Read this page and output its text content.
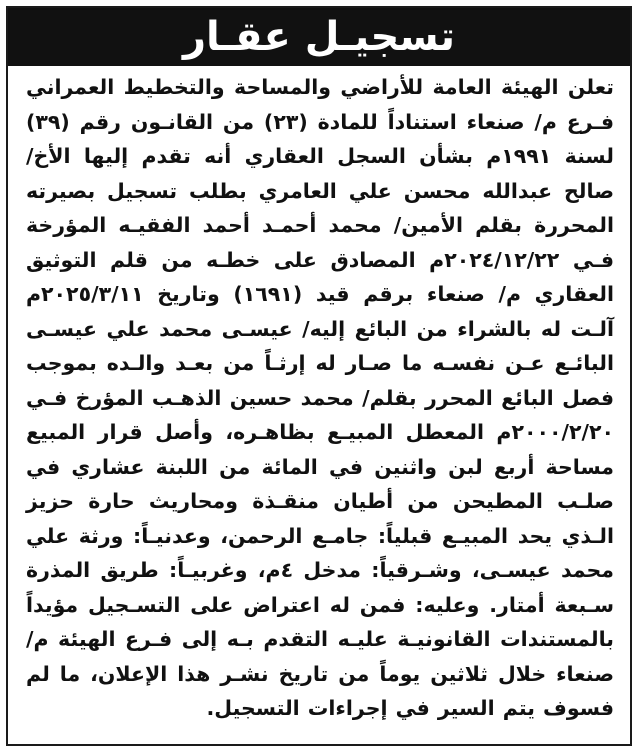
تسجيـل عقـار

تعلن الهيئة العامة للأراضي والمساحة والتخطيط العمراني فـرع م/ صنعاء استناداً للمادة (٢٣) من القانـون رقم (٣٩) لسنة ١٩٩١م بشأن السجل العقاري أنه تقدم إليها الأخ/ صالح عبدالله محسن علي العامري بطلب تسجيل بصيرته المحررة بقلم الأمين/ محمد أحمـد أحمد الفقيـه المؤرخة فـي ٢٠٢٤/١٢/٢٢م المصادق على خطـه من قلم التوثيق العقاري م/ صنعاء برقم قيد (١٦٩١) وتاريخ ٢٠٢٥/٣/١١م آلـت له بالشراء من البائع إليه/ عيسـى محمد علي عيسـى البائـع عـن نفسـه ما صـار له إرثـاً من بعـد والـده بموجب فصل البائع المحرر بقلم/ محمد حسين الذهـب المؤرخ فـي ٢٠٠٠/٢/٢٠م المعطل المبيـع بظاهـره، وأصل قرار المبيع مساحة أربع لبن واثنين في المائة من اللبنة عشاري في صلـب المطيحن من أطيان منقـذة ومحاريث حارة حزيز الـذي يحد المبيـع قبلياً: جامـع الرحمن، وعدنيـاً: ورثة علي محمد عيسـى، وشـرقياً: مدخل ٤م، وغربيـاً: طريق المذرة سـبعة أمتار. وعليه: فمن له اعتراض على التسـجيل مؤيداً بالمستندات القانونيـة عليـه التقدم بـه إلى فـرع الهيئة م/ صنعاء خلال ثلاثين يوماً من تاريخ نشـر هذا الإعلان، ما لم فسوف يتم السير في إجراءات التسجيل.
